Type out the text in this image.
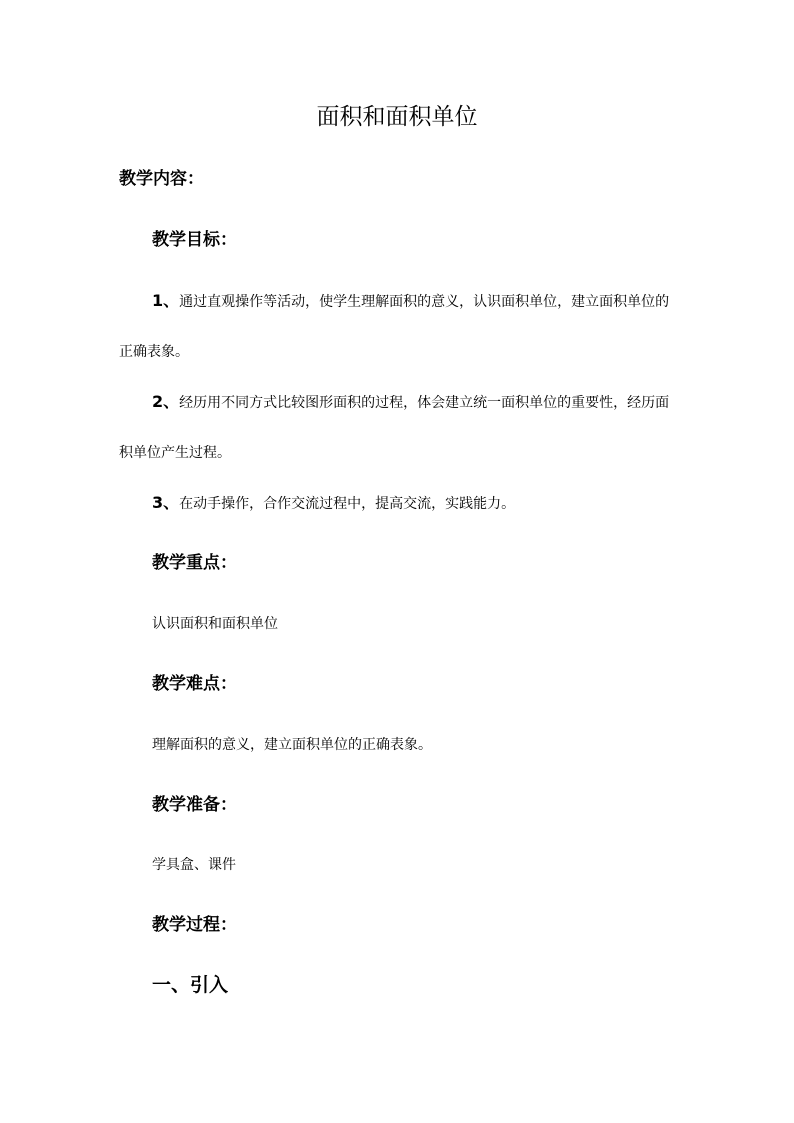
面积和面积单位
教学内容：
教学目标：
1、通过直观操作等活动，使学生理解面积的意义，认识面积单位，建立面积单位的正确表象。
2、经历用不同方式比较图形面积的过程，体会建立统一面积单位的重要性，经历面积单位产生过程。
3、在动手操作，合作交流过程中，提高交流，实践能力。
教学重点：
认识面积和面积单位
教学难点：
理解面积的意义，建立面积单位的正确表象。
教学准备：
学具盒、课件
教学过程：
一、引入
